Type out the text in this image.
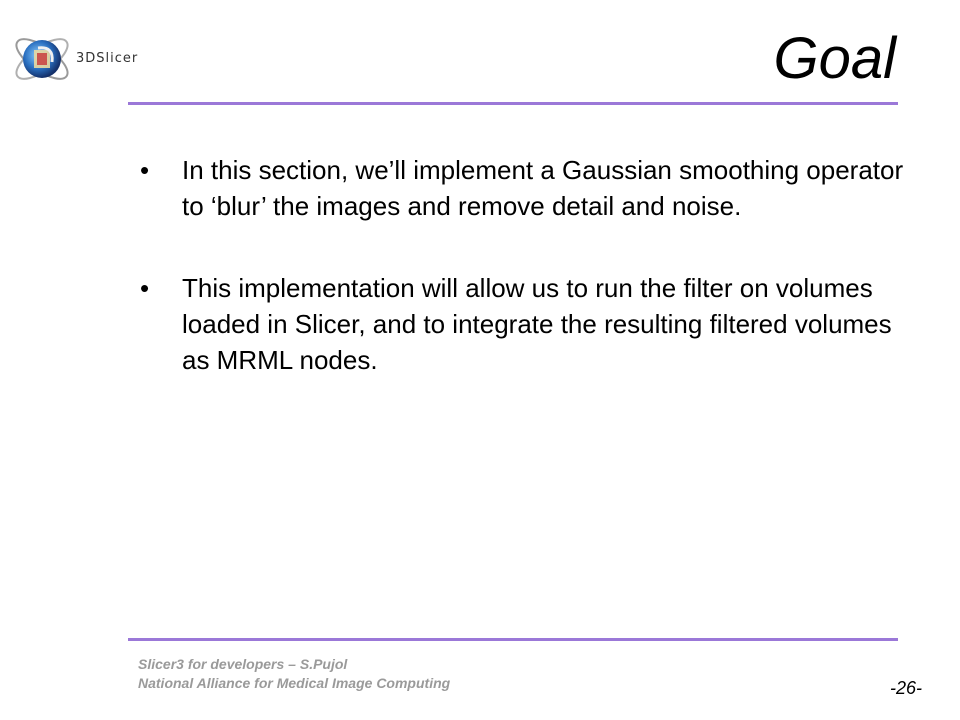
3DSlicer	Goal
•	In this section, we’ll implement a Gaussian smoothing operator to ‘blur’ the images and remove detail and noise.
•	This implementation will allow us to run the filter on volumes loaded in Slicer, and to integrate the resulting filtered volumes as MRML nodes.
Slicer3 for developers – S.Pujol
National Alliance for Medical Image Computing	-26-
